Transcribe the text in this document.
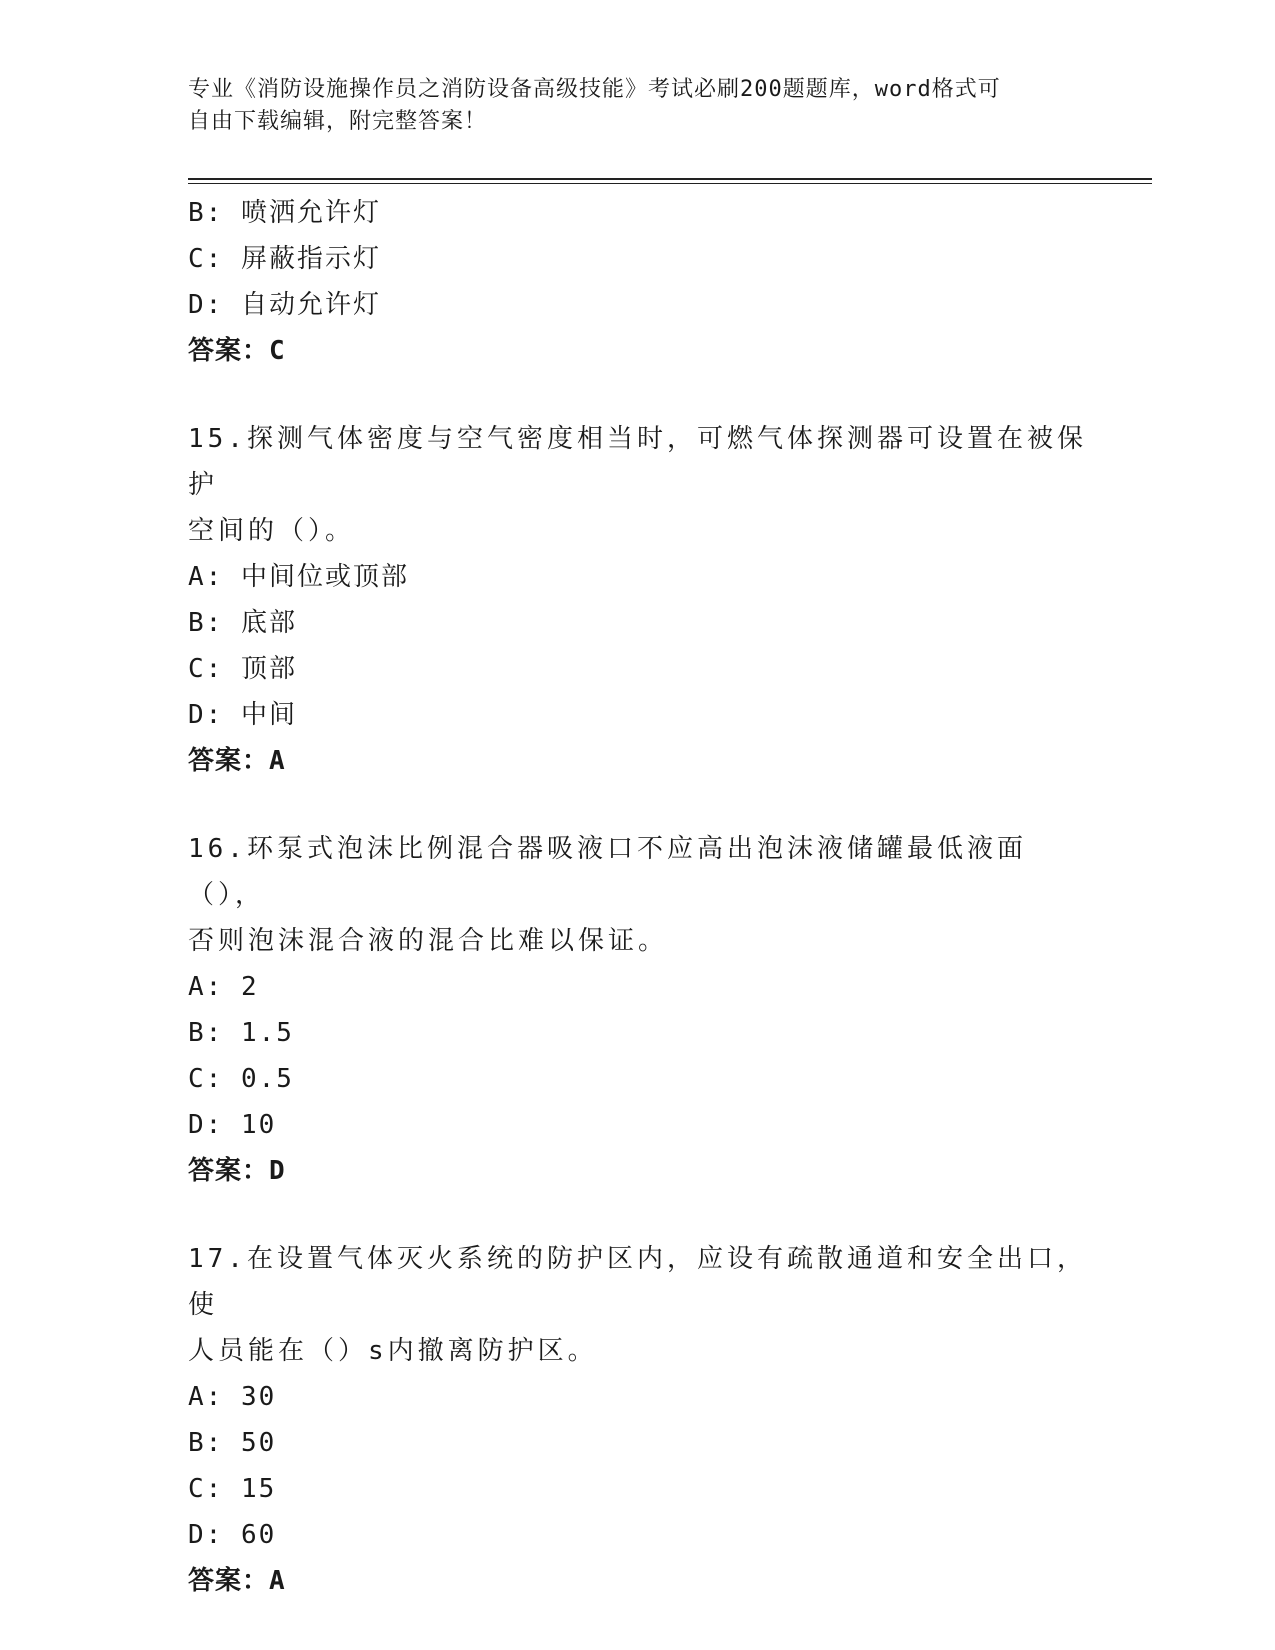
专业《消防设施操作员之消防设备高级技能》考试必刷200题题库，word格式可
自由下载编辑，附完整答案！
B: 喷洒允许灯
C: 屏蔽指示灯
D: 自动允许灯
答案：C
15.探测气体密度与空气密度相当时，可燃气体探测器可设置在被保护
空间的（）。
A: 中间位或顶部
B: 底部
C: 顶部
D: 中间
答案：A
16.环泵式泡沫比例混合器吸液口不应高出泡沫液储罐最低液面（），
否则泡沫混合液的混合比难以保证。
A: 2
B: 1.5
C: 0.5
D: 10
答案：D
17.在设置气体灭火系统的防护区内，应设有疏散通道和安全出口，使
人员能在（）s内撤离防护区。
A: 30
B: 50
C: 15
D: 60
答案：A
